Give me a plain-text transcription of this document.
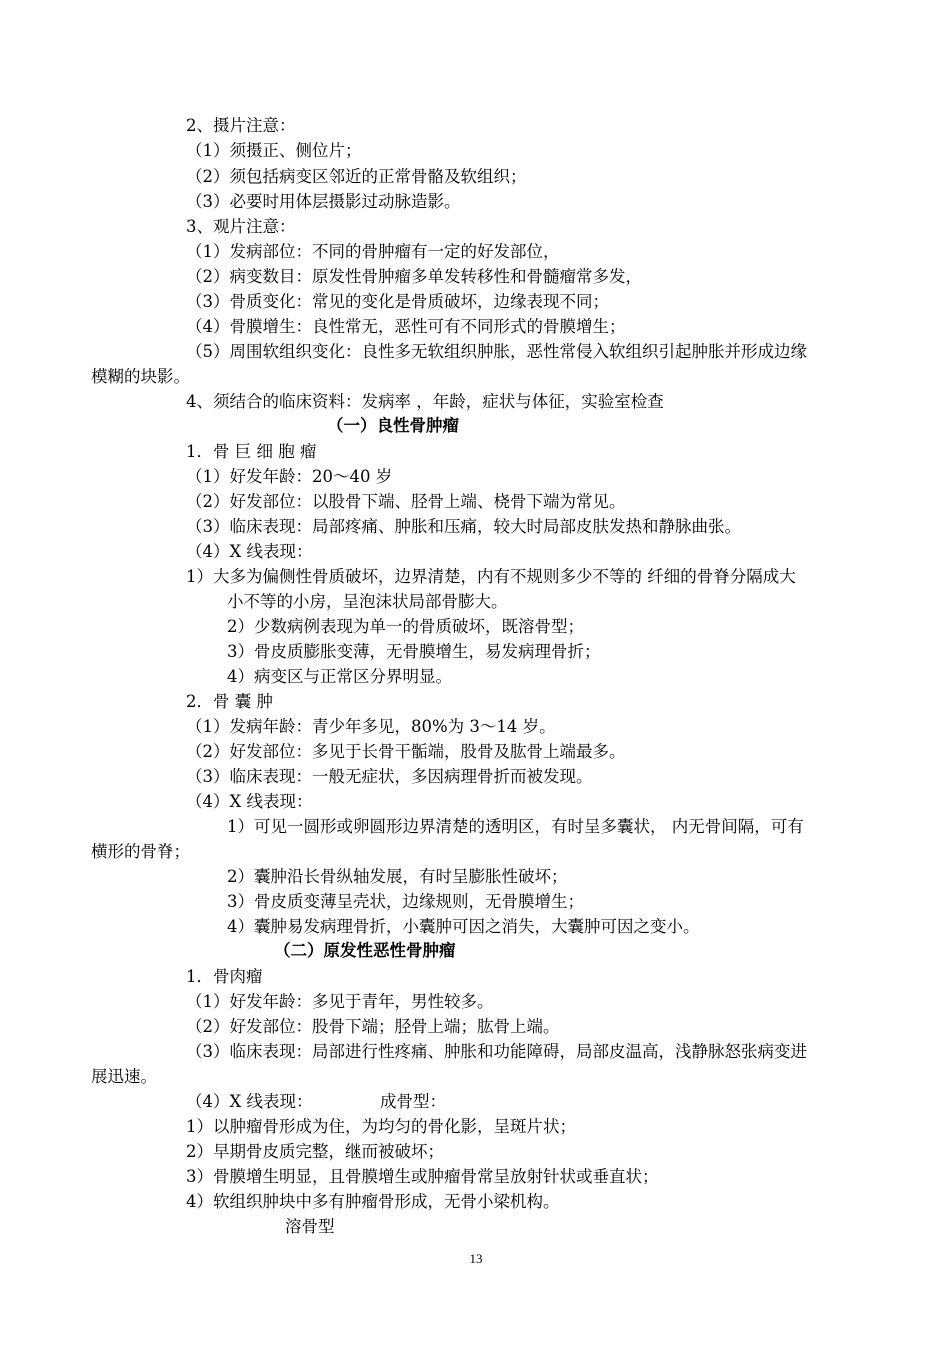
2、摄片注意：
（1）须摄正、侧位片；
（2）须包括病变区邻近的正常骨骼及软组织；
（3）必要时用体层摄影过动脉造影。
3、观片注意：
（1）发病部位：不同的骨肿瘤有一定的好发部位，
（2）病变数目：原发性骨肿瘤多单发转移性和骨髓瘤常多发，
（3）骨质变化：常见的变化是骨质破坏，边缘表现不同；
（4）骨膜增生：良性常无，恶性可有不同形式的骨膜增生；
（5）周围软组织变化：良性多无软组织肿胀，恶性常侵入软组织引起肿胀并形成边缘
模糊的块影。
4、须结合的临床资料：发病率 ，年龄，症状与体征，实验室检查
（一）良性骨肿瘤
1．骨 巨 细 胞 瘤
（1）好发年龄：20～40 岁
（2）好发部位：以股骨下端、胫骨上端、桡骨下端为常见。
（3）临床表现：局部疼痛、肿胀和压痛，较大时局部皮肤发热和静脉曲张。
（4）X 线表现：
1）大多为偏侧性骨质破坏，边界清楚，内有不规则多少不等的 纤细的骨脊分隔成大
小不等的小房，呈泡沫状局部骨膨大。
2）少数病例表现为单一的骨质破坏，既溶骨型；
3）骨皮质膨胀变薄，无骨膜增生，易发病理骨折；
4）病变区与正常区分界明显。
2．骨 囊 肿
（1）发病年龄：青少年多见，80%为 3～14 岁。
（2）好发部位：多见于长骨干骺端，股骨及肱骨上端最多。
（3）临床表现：一般无症状，多因病理骨折而被发现。
（4）X 线表现：
1）可见一圆形或卵圆形边界清楚的透明区，有时呈多囊状， 内无骨间隔，可有
横形的骨脊；
2）囊肿沿长骨纵轴发展，有时呈膨胀性破坏；
3）骨皮质变薄呈壳状，边缘规则，无骨膜增生；
4）囊肿易发病理骨折，小囊肿可因之消失，大囊肿可因之变小。
（二）原发性恶性骨肿瘤
1．骨肉瘤
（1）好发年龄：多见于青年，男性较多。
（2）好发部位：股骨下端；胫骨上端；肱骨上端。
（3）临床表现：局部进行性疼痛、肿胀和功能障碍，局部皮温高，浅静脉怒张病变进
展迅速。
（4）X 线表现：	成骨型：
1）以肿瘤骨形成为住，为均匀的骨化影，呈斑片状；
2）早期骨皮质完整，继而被破坏；
3）骨膜增生明显，且骨膜增生或肿瘤骨常呈放射针状或垂直状；
4）软组织肿块中多有肿瘤骨形成，无骨小梁机构。
溶骨型
13
